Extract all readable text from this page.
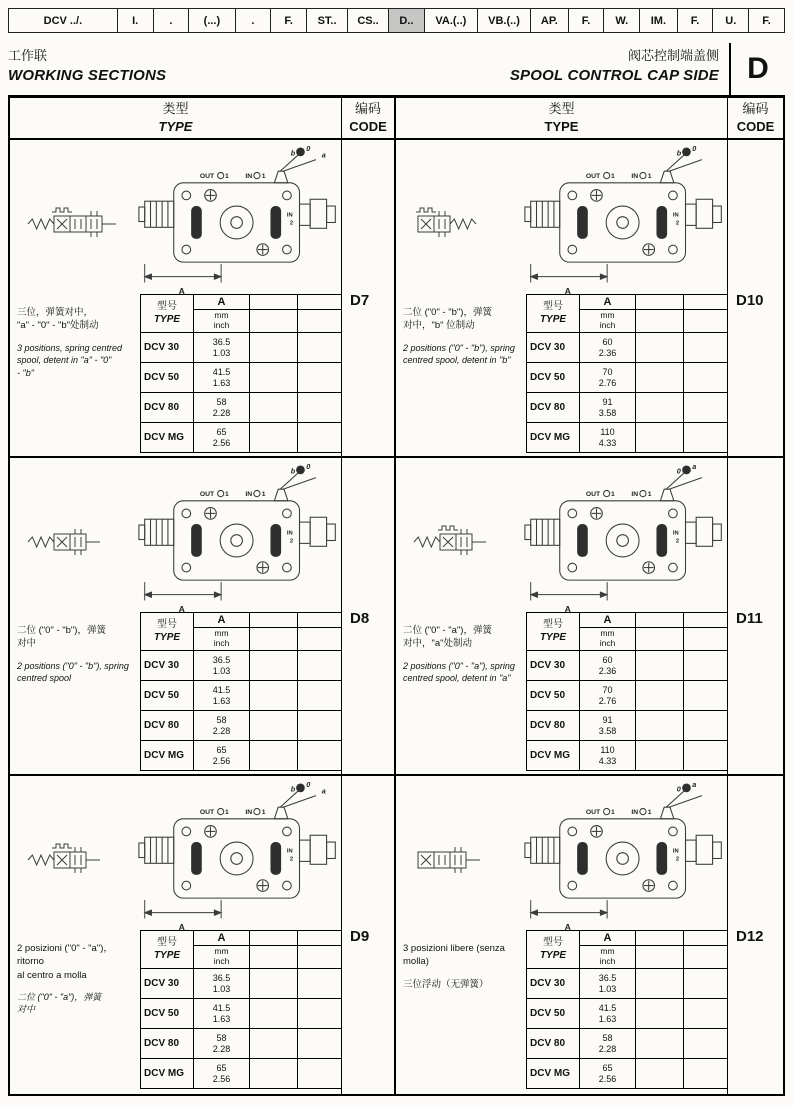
DCV ../.	I.	.	(...)	.	F.	ST..	CS..	D..	VA.(..)	VB.(..)	AP.	F.	W.	IM.	F.	U.	F.
工作联
WORKING SECTIONS
阀芯控制端盖侧
SPOOL CONTROL CAP SIDE D
类型
TYPE
编码
CODE
类型
TYPE
编码
CODE
OUT 1 IN 1
IN
2
b
0
a
A

三位，弹簧对中，
"a" - "0" - "b"处制动

3 positions, spring centred
spool, detent in "a" - "0"
- "b"

型号
TYPE	A		
	mm
inch		
DCV 30	36.5
1.03		
DCV 50	41.5
1.63		
DCV 80	58
2.28		
DCV MG	65
2.56		
D7
OUT 1 IN 1
IN
2
b
0
A

二位 ("0" - "b")，弹簧
对中，"b" 位制动

2 positions ("0" - "b"), spring
centred spool, detent in "b"

型号
TYPE	A		
	mm
inch		
DCV 30	60
2.36		
DCV 50	70
2.76		
DCV 80	91
3.58		
DCV MG	110
4.33		
D10
OUT 1 IN 1
IN
2
b
0
A

二位 ("0" - "b")，弹簧
对中

2 positions ("0" - "b"), spring
centred spool

型号
TYPE	A		
	mm
inch		
DCV 30	36.5
1.03		
DCV 50	41.5
1.63		
DCV 80	58
2.28		
DCV MG	65
2.56		
D8
OUT 1 IN 1
IN
2
0
a
A

二位 ("0" - "a")，弹簧
对中，"a"处制动

2 positions ("0" - "a"), spring
centred spool, detent in "a"

型号
TYPE	A		
	mm
inch		
DCV 30	60
2.36		
DCV 50	70
2.76		
DCV 80	91
3.58		
DCV MG	110
4.33		
D11
OUT 1 IN 1
IN
2
b
0
a
A

2 posizioni ("0" - "a")，ritorno
al centro a molla

二位 ("0" - "a")，弹簧
对中

型号
TYPE	A		
	mm
inch		
DCV 30	36.5
1.03		
DCV 50	41.5
1.63		
DCV 80	58
2.28		
DCV MG	65
2.56		
D9
OUT 1 IN 1
IN
2
0
a
A

3 posizioni libere (senza
molla)

三位浮动（无弹簧）

型号
TYPE	A		
	mm
inch		
DCV 30	36.5
1.03		
DCV 50	41.5
1.63		
DCV 80	58
2.28		
DCV MG	65
2.56		
D12
